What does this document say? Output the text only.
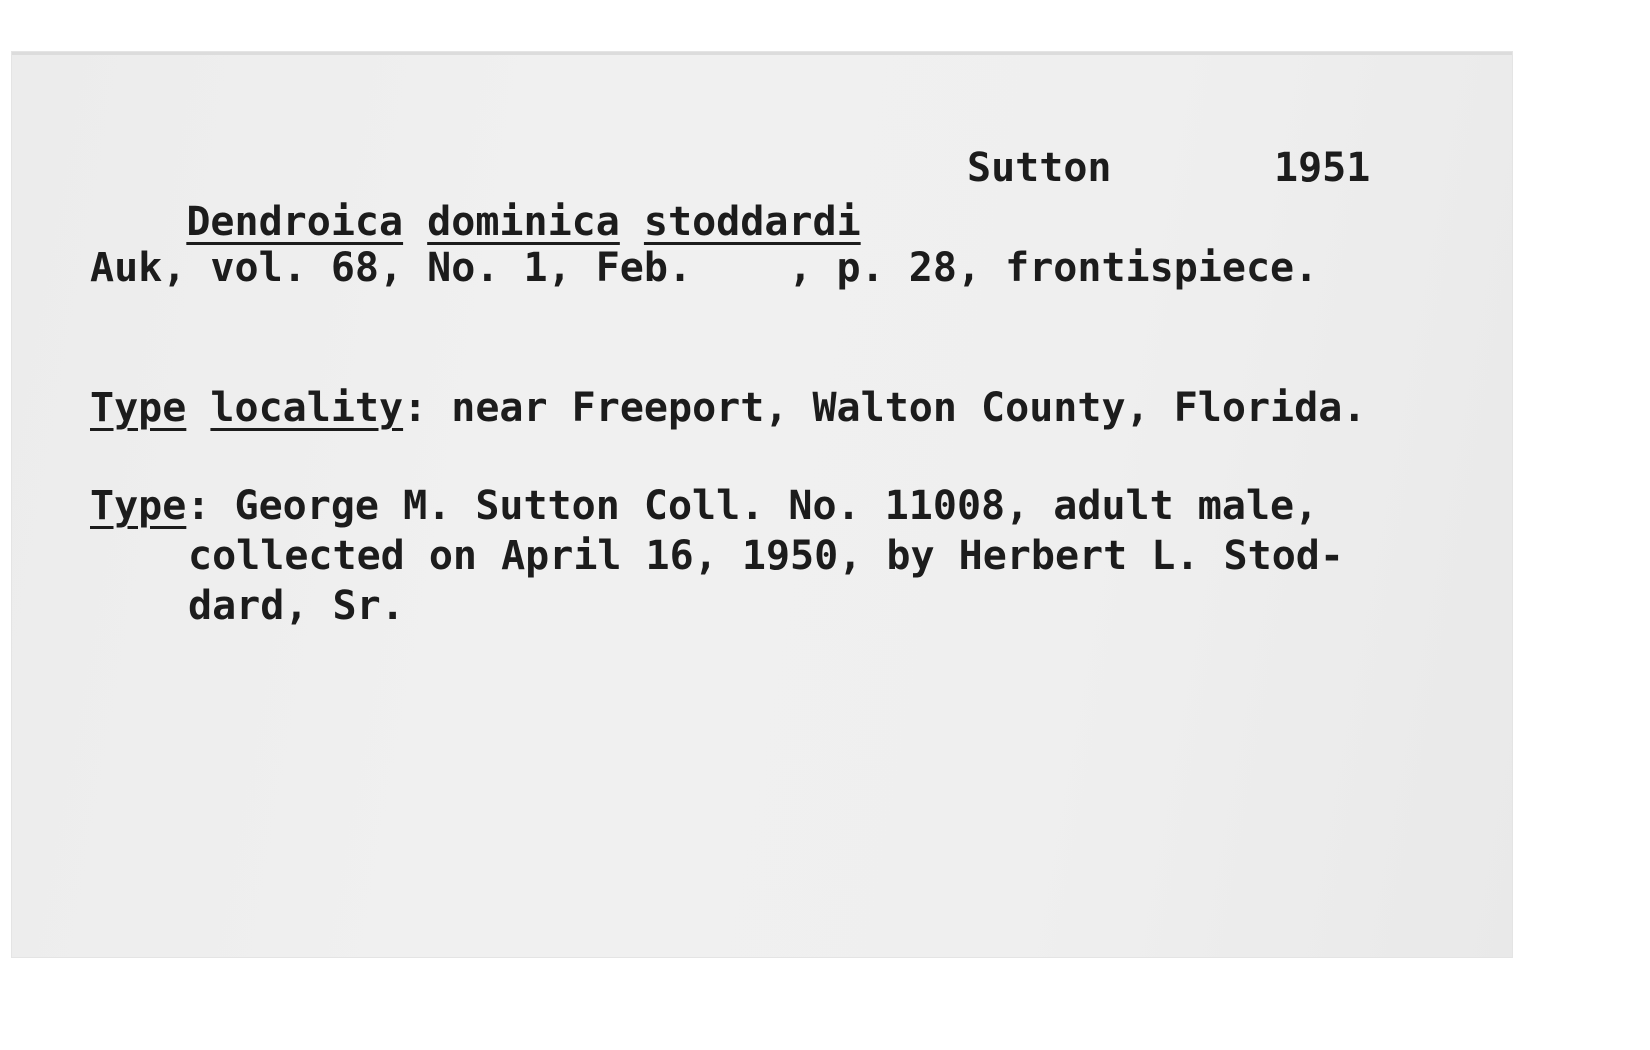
Dendroica dominica stoddardi

Sutton	1951
Auk, vol. 68, No. 1, Feb.    , p. 28, frontispiece.
Type locality: near Freeport, Walton County, Florida.
Type: George M. Sutton Coll. No. 11008, adult male,
collected on April 16, 1950, by Herbert L. Stod-
dard, Sr.
